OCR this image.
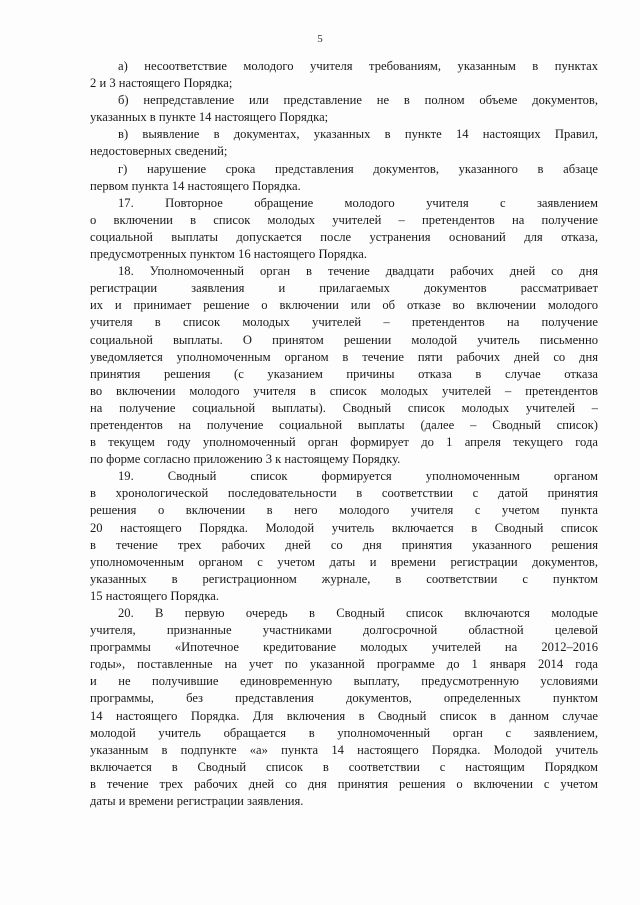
5
а) несоответствие молодого учителя требованиям, указанным в пунктах
2 и 3 настоящего Порядка;
б) непредставление или представление не в полном объеме документов,
указанных в пункте 14 настоящего Порядка;
в) выявление в документах, указанных в пункте 14 настоящих Правил,
недостоверных сведений;
г) нарушение срока представления документов, указанного в абзаце
первом пункта 14 настоящего Порядка.
17. Повторное обращение молодого учителя с заявлением
о включении в список молодых учителей – претендентов на получение
социальной выплаты допускается после устранения оснований для отказа,
предусмотренных пунктом 16 настоящего Порядка.
18. Уполномоченный орган в течение двадцати рабочих дней со дня
регистрации заявления и прилагаемых документов рассматривает
их и принимает решение о включении или об отказе во включении молодого
учителя в список молодых учителей – претендентов на получение
социальной выплаты. О принятом решении молодой учитель письменно
уведомляется уполномоченным органом в течение пяти рабочих дней со дня
принятия решения (с указанием причины отказа в случае отказа
во включении молодого учителя в список молодых учителей – претендентов
на получение социальной выплаты). Сводный список молодых учителей –
претендентов на получение социальной выплаты (далее – Сводный список)
в текущем году уполномоченный орган формирует до 1 апреля текущего года
по форме согласно приложению 3 к настоящему Порядку.
19. Сводный список формируется уполномоченным органом
в хронологической последовательности в соответствии с датой принятия
решения о включении в него молодого учителя с учетом пункта
20 настоящего Порядка. Молодой учитель включается в Сводный список
в течение трех рабочих дней со дня принятия указанного решения
уполномоченным органом с учетом даты и времени регистрации документов,
указанных в регистрационном журнале, в соответствии с пунктом
15 настоящего Порядка.
20. В первую очередь в Сводный список включаются молодые
учителя, признанные участниками долгосрочной областной целевой
программы «Ипотечное кредитование молодых учителей на 2012–2016
годы», поставленные на учет по указанной программе до 1 января 2014 года
и не получившие единовременную выплату, предусмотренную условиями
программы, без представления документов, определенных пунктом
14 настоящего Порядка. Для включения в Сводный список в данном случае
молодой учитель обращается в уполномоченный орган с заявлением,
указанным в подпункте «а» пункта 14 настоящего Порядка. Молодой учитель
включается в Сводный список в соответствии с настоящим Порядком
в течение трех рабочих дней со дня принятия решения о включении с учетом
даты и времени регистрации заявления.
